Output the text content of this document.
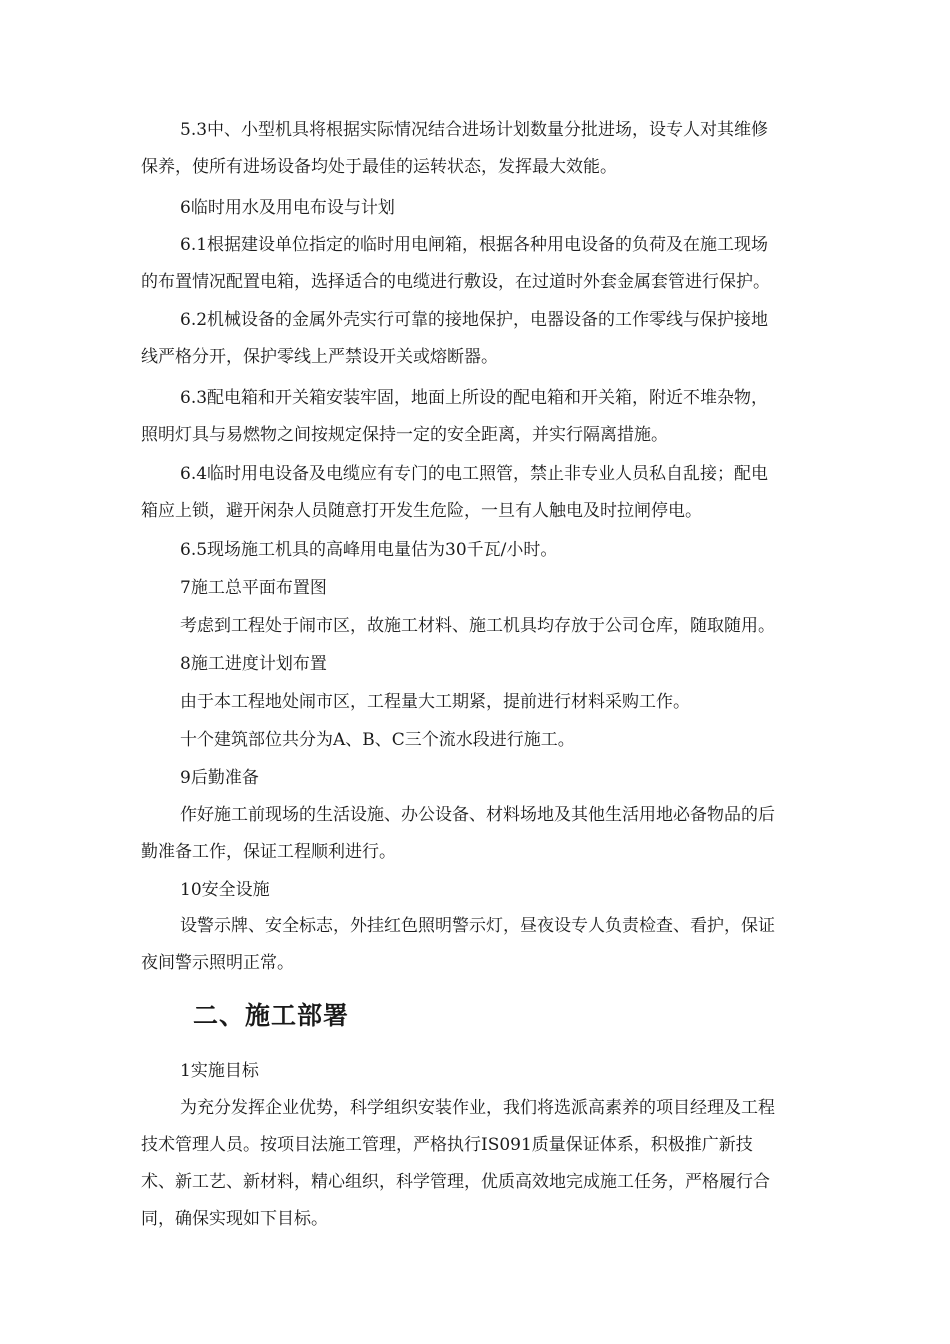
5.3中、小型机具将根据实际情况结合进场计划数量分批进场，设专人对其维修
保养，使所有进场设备均处于最佳的运转状态，发挥最大效能。
6临时用水及用电布设与计划
6.1根据建设单位指定的临时用电闸箱，根据各种用电设备的负荷及在施工现场
的布置情况配置电箱，选择适合的电缆进行敷设，在过道时外套金属套管进行保护。
6.2机械设备的金属外壳实行可靠的接地保护，电器设备的工作零线与保护接地
线严格分开，保护零线上严禁设开关或熔断器。
6.3配电箱和开关箱安装牢固，地面上所设的配电箱和开关箱，附近不堆杂物，
照明灯具与易燃物之间按规定保持一定的安全距离，并实行隔离措施。
6.4临时用电设备及电缆应有专门的电工照管，禁止非专业人员私自乱接；配电
箱应上锁，避开闲杂人员随意打开发生危险，一旦有人触电及时拉闸停电。
6.5现场施工机具的高峰用电量估为30千瓦/小时。
7施工总平面布置图
考虑到工程处于闹市区，故施工材料、施工机具均存放于公司仓库，随取随用。
8施工进度计划布置
由于本工程地处闹市区，工程量大工期紧，提前进行材料采购工作。
十个建筑部位共分为A、B、C三个流水段进行施工。
9后勤准备
作好施工前现场的生活设施、办公设备、材料场地及其他生活用地必备物品的后
勤准备工作，保证工程顺利进行。
10安全设施
设警示牌、安全标志，外挂红色照明警示灯，昼夜设专人负责检查、看护，保证
夜间警示照明正常。
二、施工部署
1实施目标
为充分发挥企业优势，科学组织安装作业，我们将选派高素养的项目经理及工程
技术管理人员。按项目法施工管理，严格执行IS091质量保证体系，积极推广新技
术、新工艺、新材料，精心组织，科学管理，优质高效地完成施工任务，严格履行合
同，确保实现如下目标。
